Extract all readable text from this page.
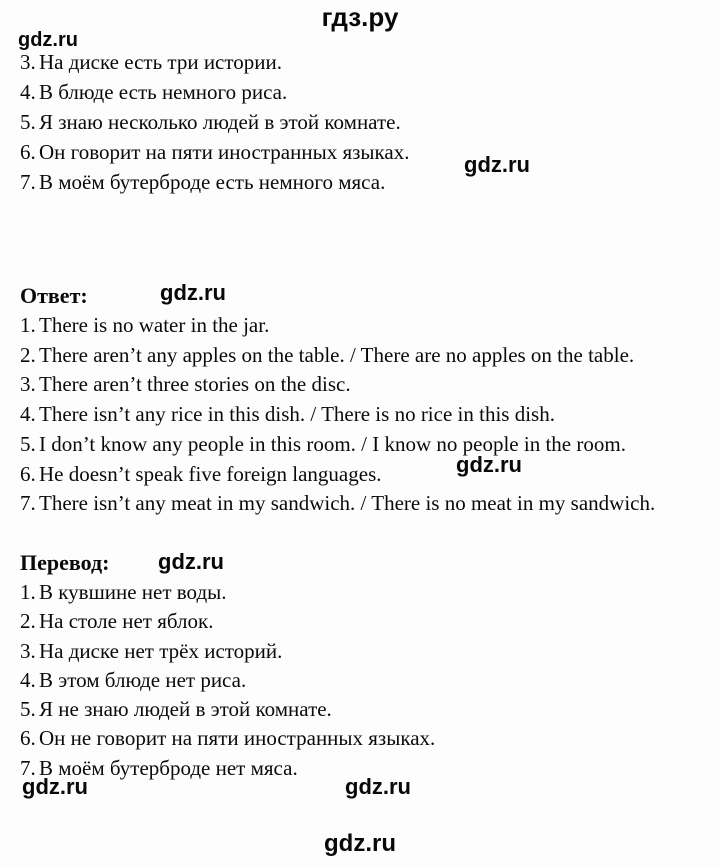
гдз.ру
gdz.ru
3. На диске есть три истории.
4. В блюде есть немного риса.
5. Я знаю несколько людей в этой комнате.
6. Он говорит на пяти иностранных языках.
7. В моём бутерброде есть немного мяса.
gdz.ru
Ответ:	gdz.ru
1. There is no water in the jar.
2. There aren’t any apples on the table. / There are no apples on the table.
3. There aren’t three stories on the disc.
4. There isn’t any rice in this dish. / There is no rice in this dish.
5. I don’t know any people in this room. / I know no people in the room.
6. He doesn’t speak five foreign languages.
7. There isn’t any meat in my sandwich. / There is no meat in my sandwich.
gdz.ru
Перевод: gdz.ru
1. В кувшине нет воды.
2. На столе нет яблок.
3. На диске нет трёх историй.
4. В этом блюде нет риса.
5. Я не знаю людей в этой комнате.
6. Он не говорит на пяти иностранных языках.
7. В моём бутерброде нет мяса.
gdz.ru	gdz.ru
gdz.ru
